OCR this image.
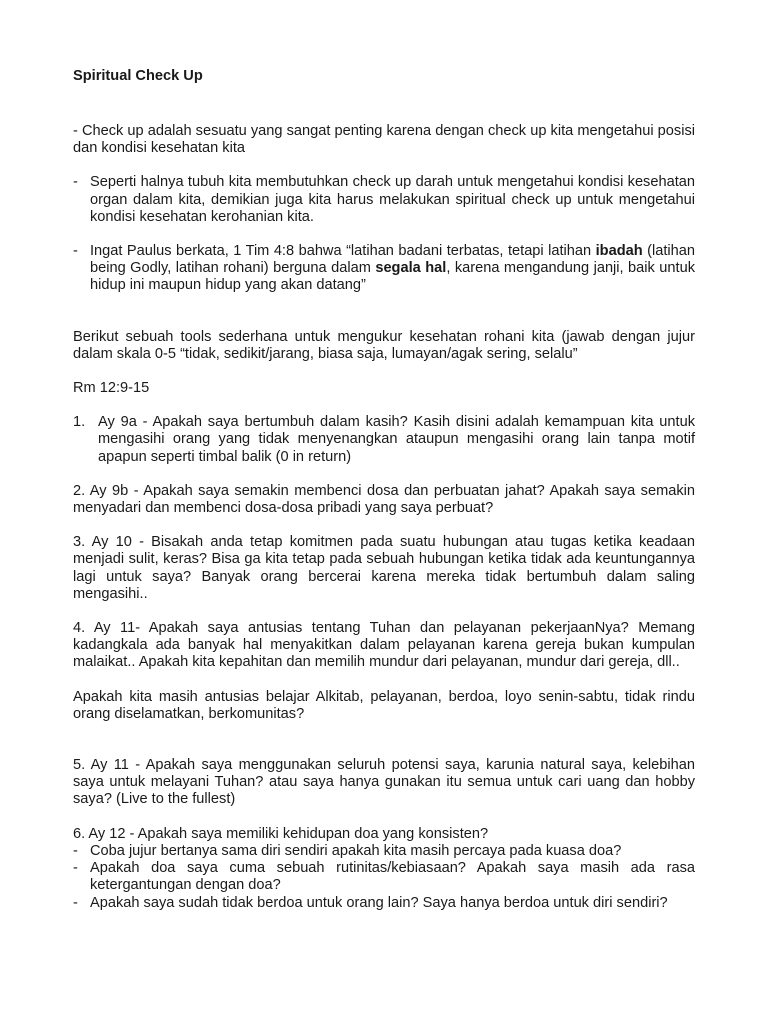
Spiritual Check Up

- Check up adalah sesuatu yang sangat penting karena dengan check up kita mengetahui posisi dan kondisi kesehatan kita

- Seperti halnya tubuh kita membutuhkan check up darah untuk mengetahui kondisi kesehatan organ dalam kita, demikian juga kita harus melakukan spiritual check up untuk mengetahui kondisi kesehatan kerohanian kita.
- Ingat Paulus berkata, 1 Tim 4:8 bahwa “latihan badani terbatas, tetapi latihan ibadah (latihan being Godly, latihan rohani) berguna dalam segala hal, karena mengandung janji, baik untuk hidup ini maupun hidup yang akan datang”

Berikut sebuah tools sederhana untuk mengukur kesehatan rohani kita (jawab dengan jujur dalam skala 0-5 “tidak, sedikit/jarang, biasa saja, lumayan/agak sering, selalu”

Rm 12:9-15

1. Ay 9a - Apakah saya bertumbuh dalam kasih? Kasih disini adalah kemampuan kita untuk mengasihi orang yang tidak menyenangkan ataupun mengasihi orang lain tanpa motif apapun seperti timbal balik (0 in return)

2. Ay 9b - Apakah saya semakin membenci dosa dan perbuatan jahat? Apakah saya semakin menyadari dan membenci dosa-dosa pribadi yang saya perbuat?

3. Ay 10 - Bisakah anda tetap komitmen pada suatu hubungan atau tugas ketika keadaan menjadi sulit, keras? Bisa ga kita tetap pada sebuah hubungan ketika tidak ada keuntungannya lagi untuk saya? Banyak orang bercerai karena mereka tidak bertumbuh dalam saling mengasihi..

4. Ay 11- Apakah saya antusias tentang Tuhan dan pelayanan pekerjaanNya? Memang kadangkala ada banyak hal menyakitkan dalam pelayanan karena gereja bukan kumpulan malaikat.. Apakah kita kepahitan dan memilih mundur dari pelayanan, mundur dari gereja, dll..

Apakah kita masih antusias belajar Alkitab, pelayanan, berdoa, loyo senin-sabtu, tidak rindu orang diselamatkan, berkomunitas?

5. Ay 11 - Apakah saya menggunakan seluruh potensi saya, karunia natural saya, kelebihan saya untuk melayani Tuhan? atau saya hanya gunakan itu semua untuk cari uang dan hobby saya? (Live to the fullest)

6. Ay 12 - Apakah saya memiliki kehidupan doa yang konsisten?

- Coba jujur bertanya sama diri sendiri apakah kita masih percaya pada kuasa doa?
- Apakah doa saya cuma sebuah rutinitas/kebiasaan? Apakah saya masih ada rasa ketergantungan dengan doa?
- Apakah saya sudah tidak berdoa untuk orang lain? Saya hanya berdoa untuk diri sendiri?
